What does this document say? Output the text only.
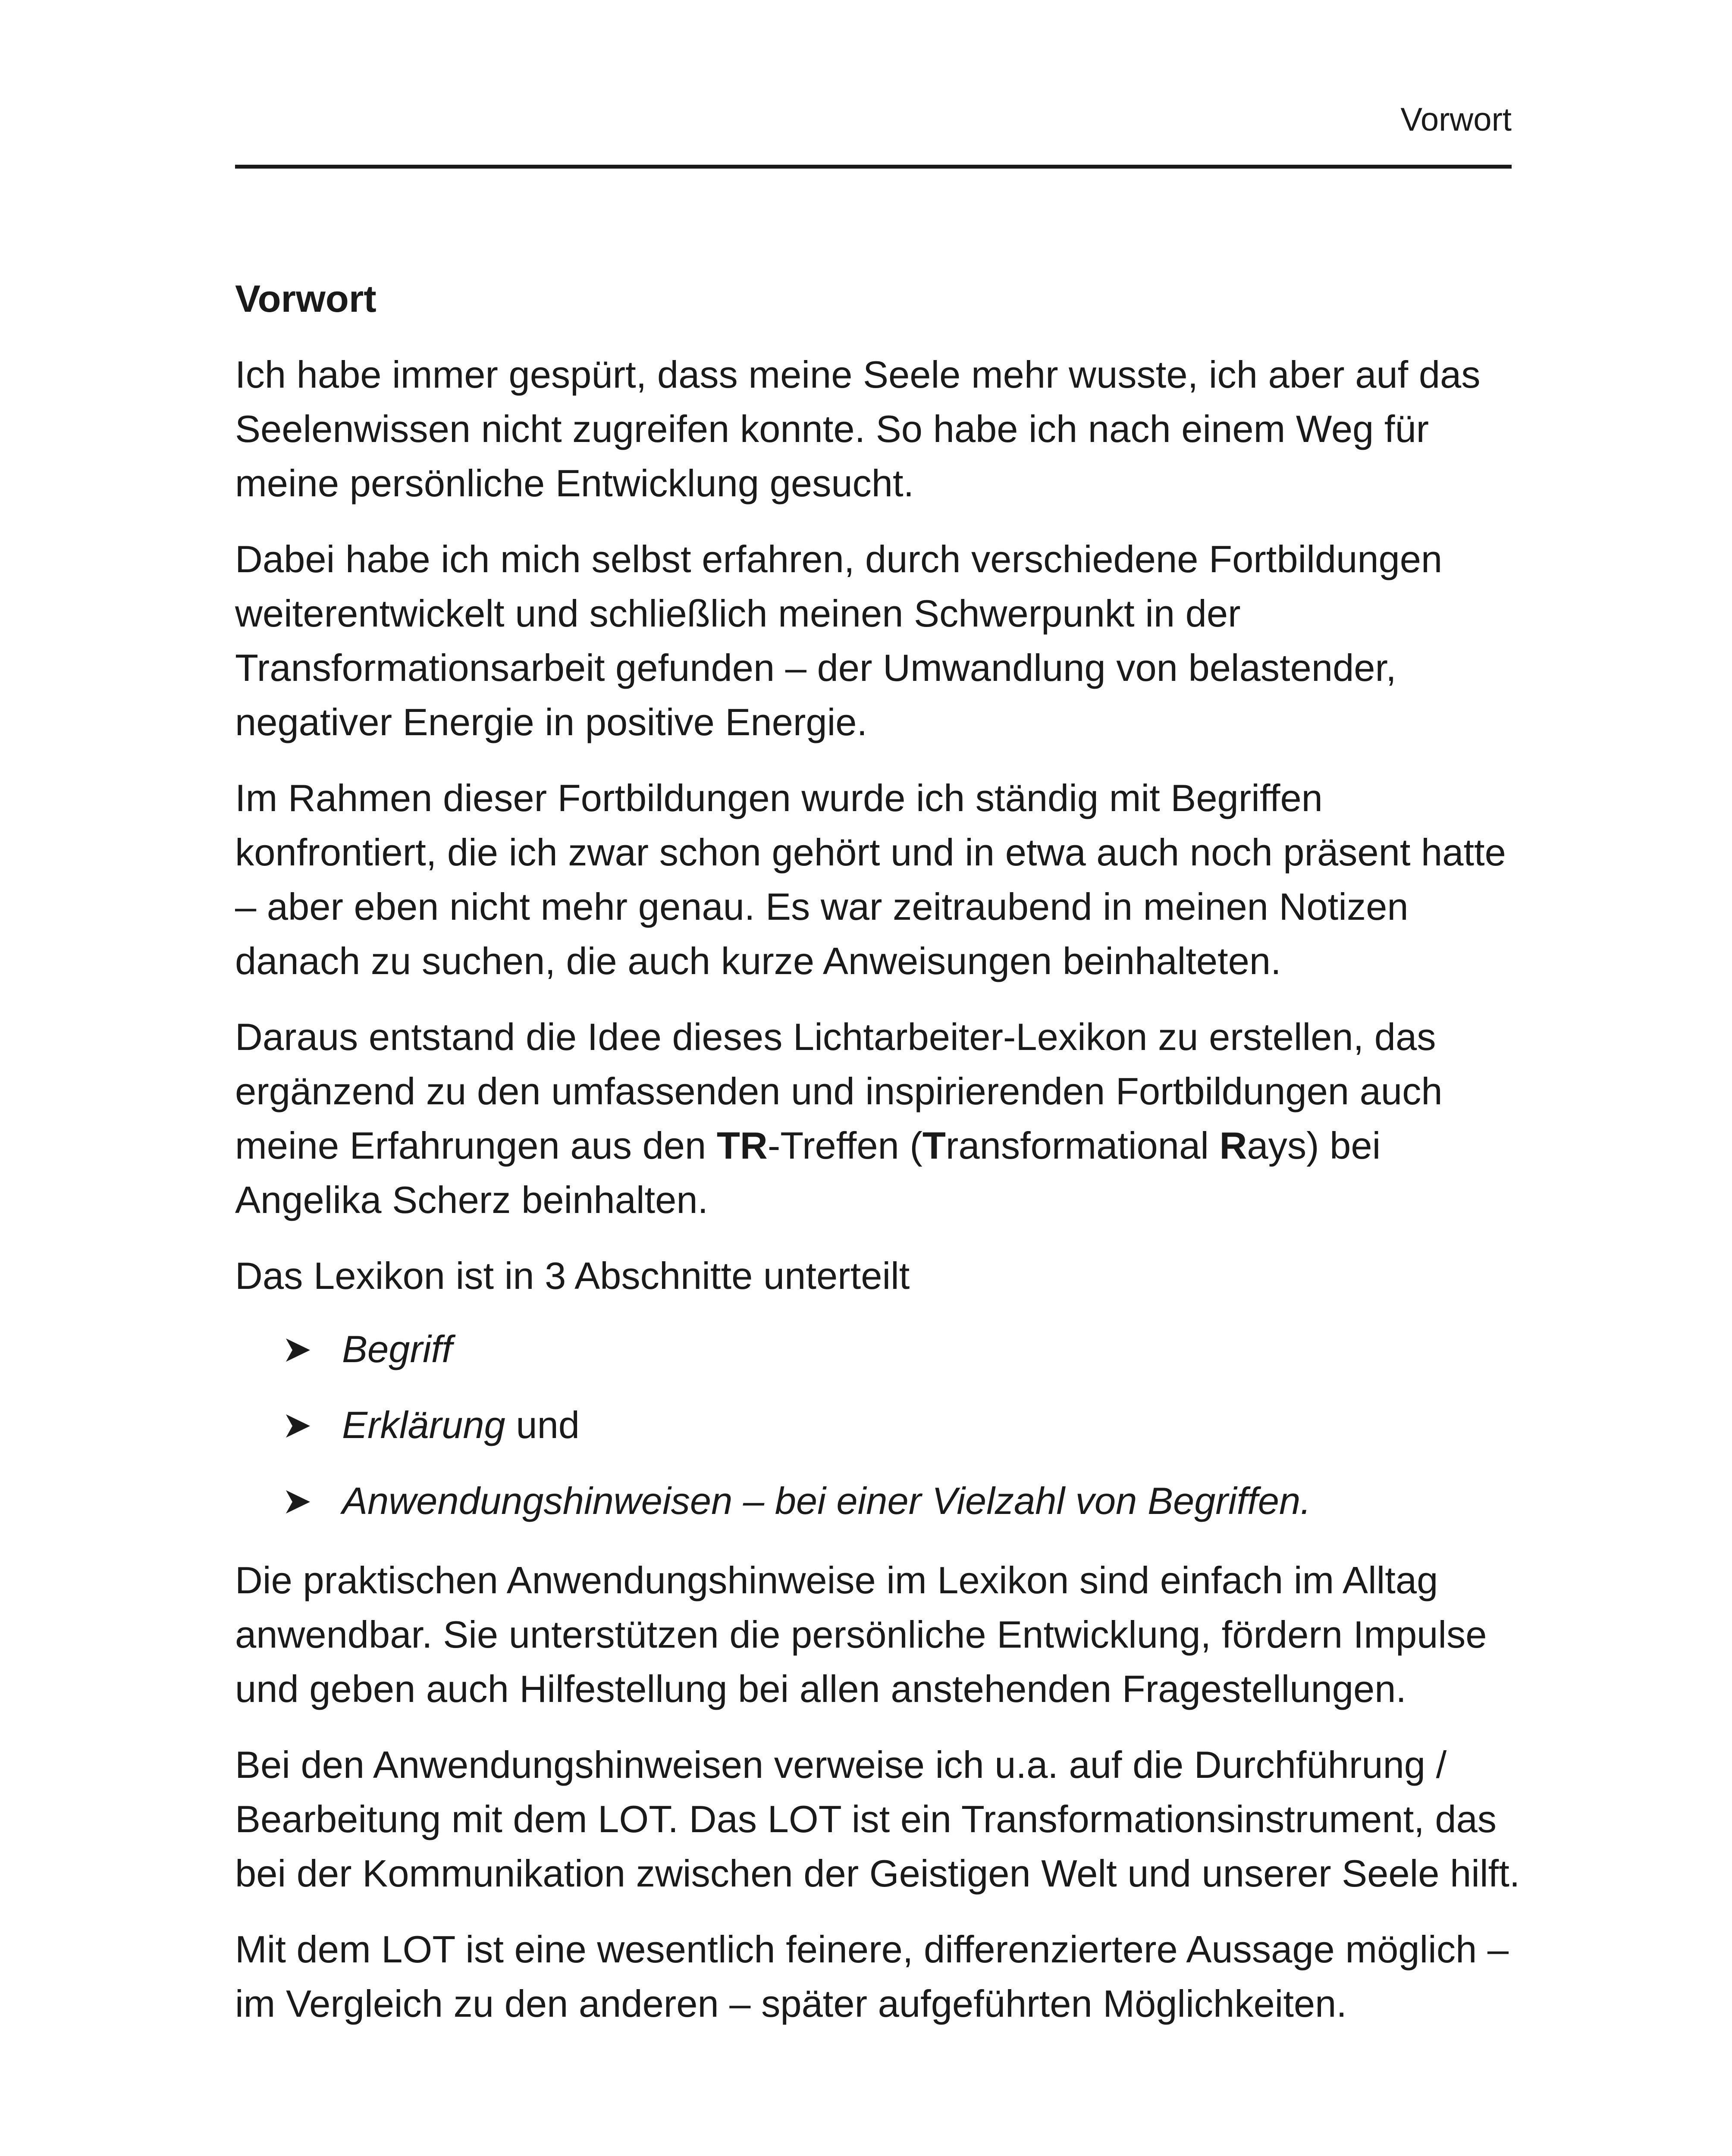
Vorwort
Vorwort

Ich habe immer gespürt, dass meine Seele mehr wusste, ich aber auf das Seelenwissen nicht zugreifen konnte. So habe ich nach einem Weg für meine persönliche Entwicklung gesucht.

Dabei habe ich mich selbst erfahren, durch verschiedene Fortbildungen weiterentwickelt und schließlich meinen Schwerpunkt in der Transformationsarbeit gefunden – der Umwandlung von belastender, negativer Energie in positive Energie.

Im Rahmen dieser Fortbildungen wurde ich ständig mit Begriffen konfrontiert, die ich zwar schon gehört und in etwa auch noch präsent hatte – aber eben nicht mehr genau. Es war zeitraubend in meinen Notizen danach zu suchen, die auch kurze Anweisungen beinhalteten.

Daraus entstand die Idee dieses Lichtarbeiter-Lexikon zu erstellen, das ergänzend zu den umfassenden und inspirierenden Fortbildungen auch meine Erfahrungen aus den TR-Treffen (Transformational Rays) bei Angelika Scherz beinhalten.

Das Lexikon ist in 3 Abschnitte unterteilt

Begriff
Erklärung und
Anwendungshinweisen – bei einer Vielzahl von Begriffen.

Die praktischen Anwendungshinweise im Lexikon sind einfach im Alltag anwendbar. Sie unterstützen die persönliche Entwicklung, fördern Impulse und geben auch Hilfestellung bei allen anstehenden Fragestellungen.

Bei den Anwendungshinweisen verweise ich u.a. auf die Durchführung / Bearbeitung mit dem LOT. Das LOT ist ein Transformationsinstrument, das bei der Kommunikation zwischen der Geistigen Welt und unserer Seele hilft.

Mit dem LOT ist eine wesentlich feinere, differenziertere Aussage möglich – im Vergleich zu den anderen – später aufgeführten Möglichkeiten.
